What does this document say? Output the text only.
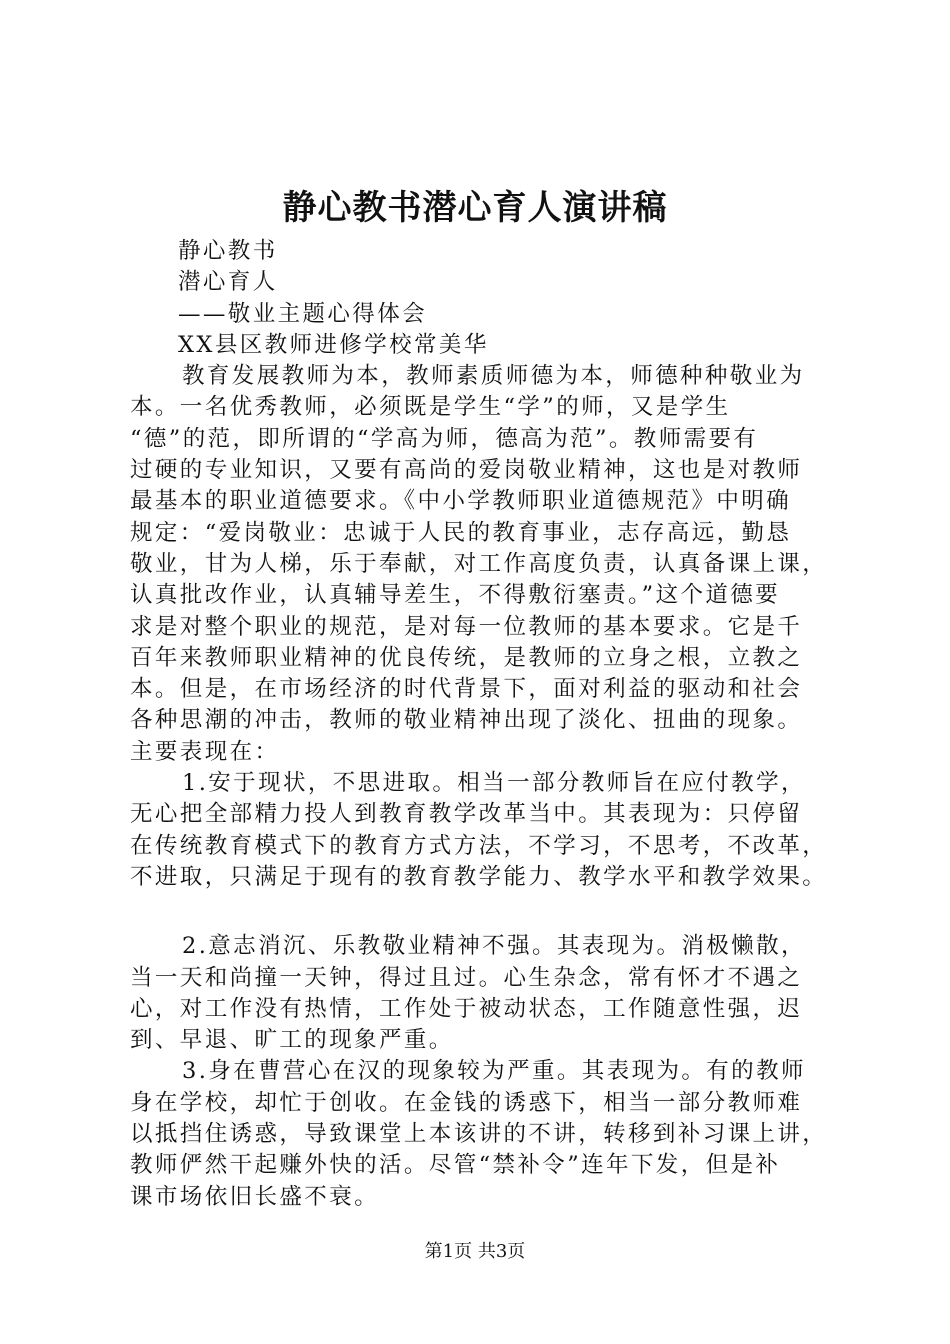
静心教书潜心育人演讲稿

静心教书

潜心育人

——敬业主题心得体会

XX县区教师进修学校常美华

教育发展教师为本，教师素质师德为本，师德种种敬业为

本。一名优秀教师，必须既是学生“学”的师，又是学生

“德”的范，即所谓的“学高为师，德高为范”。教师需要有

过硬的专业知识，又要有高尚的爱岗敬业精神，这也是对教师

最基本的职业道德要求。《中小学教师职业道德规范》中明确

规定：“爱岗敬业：忠诚于人民的教育事业，志存高远，勤恳

敬业，甘为人梯，乐于奉献，对工作高度负责，认真备课上课，

认真批改作业，认真辅导差生，不得敷衍塞责。”这个道德要

求是对整个职业的规范，是对每一位教师的基本要求。它是千

百年来教师职业精神的优良传统，是教师的立身之根，立教之

本。但是，在市场经济的时代背景下，面对利益的驱动和社会

各种思潮的冲击，教师的敬业精神出现了淡化、扭曲的现象。

主要表现在：

1.安于现状，不思进取。相当一部分教师旨在应付教学，

无心把全部精力投人到教育教学改革当中。其表现为：只停留

在传统教育模式下的教育方式方法，不学习，不思考，不改革，

不进取，只满足于现有的教育教学能力、教学水平和教学效果。

2.意志消沉、乐教敬业精神不强。其表现为。消极懒散，

当一天和尚撞一天钟，得过且过。心生杂念，常有怀才不遇之

心，对工作没有热情，工作处于被动状态，工作随意性强，迟

到、早退、旷工的现象严重。

3.身在曹营心在汉的现象较为严重。其表现为。有的教师

身在学校，却忙于创收。在金钱的诱惑下，相当一部分教师难

以抵挡住诱惑，导致课堂上本该讲的不讲，转移到补习课上讲，

教师俨然干起赚外快的活。尽管“禁补令”连年下发，但是补

课市场依旧长盛不衰。

第1页 共3页
